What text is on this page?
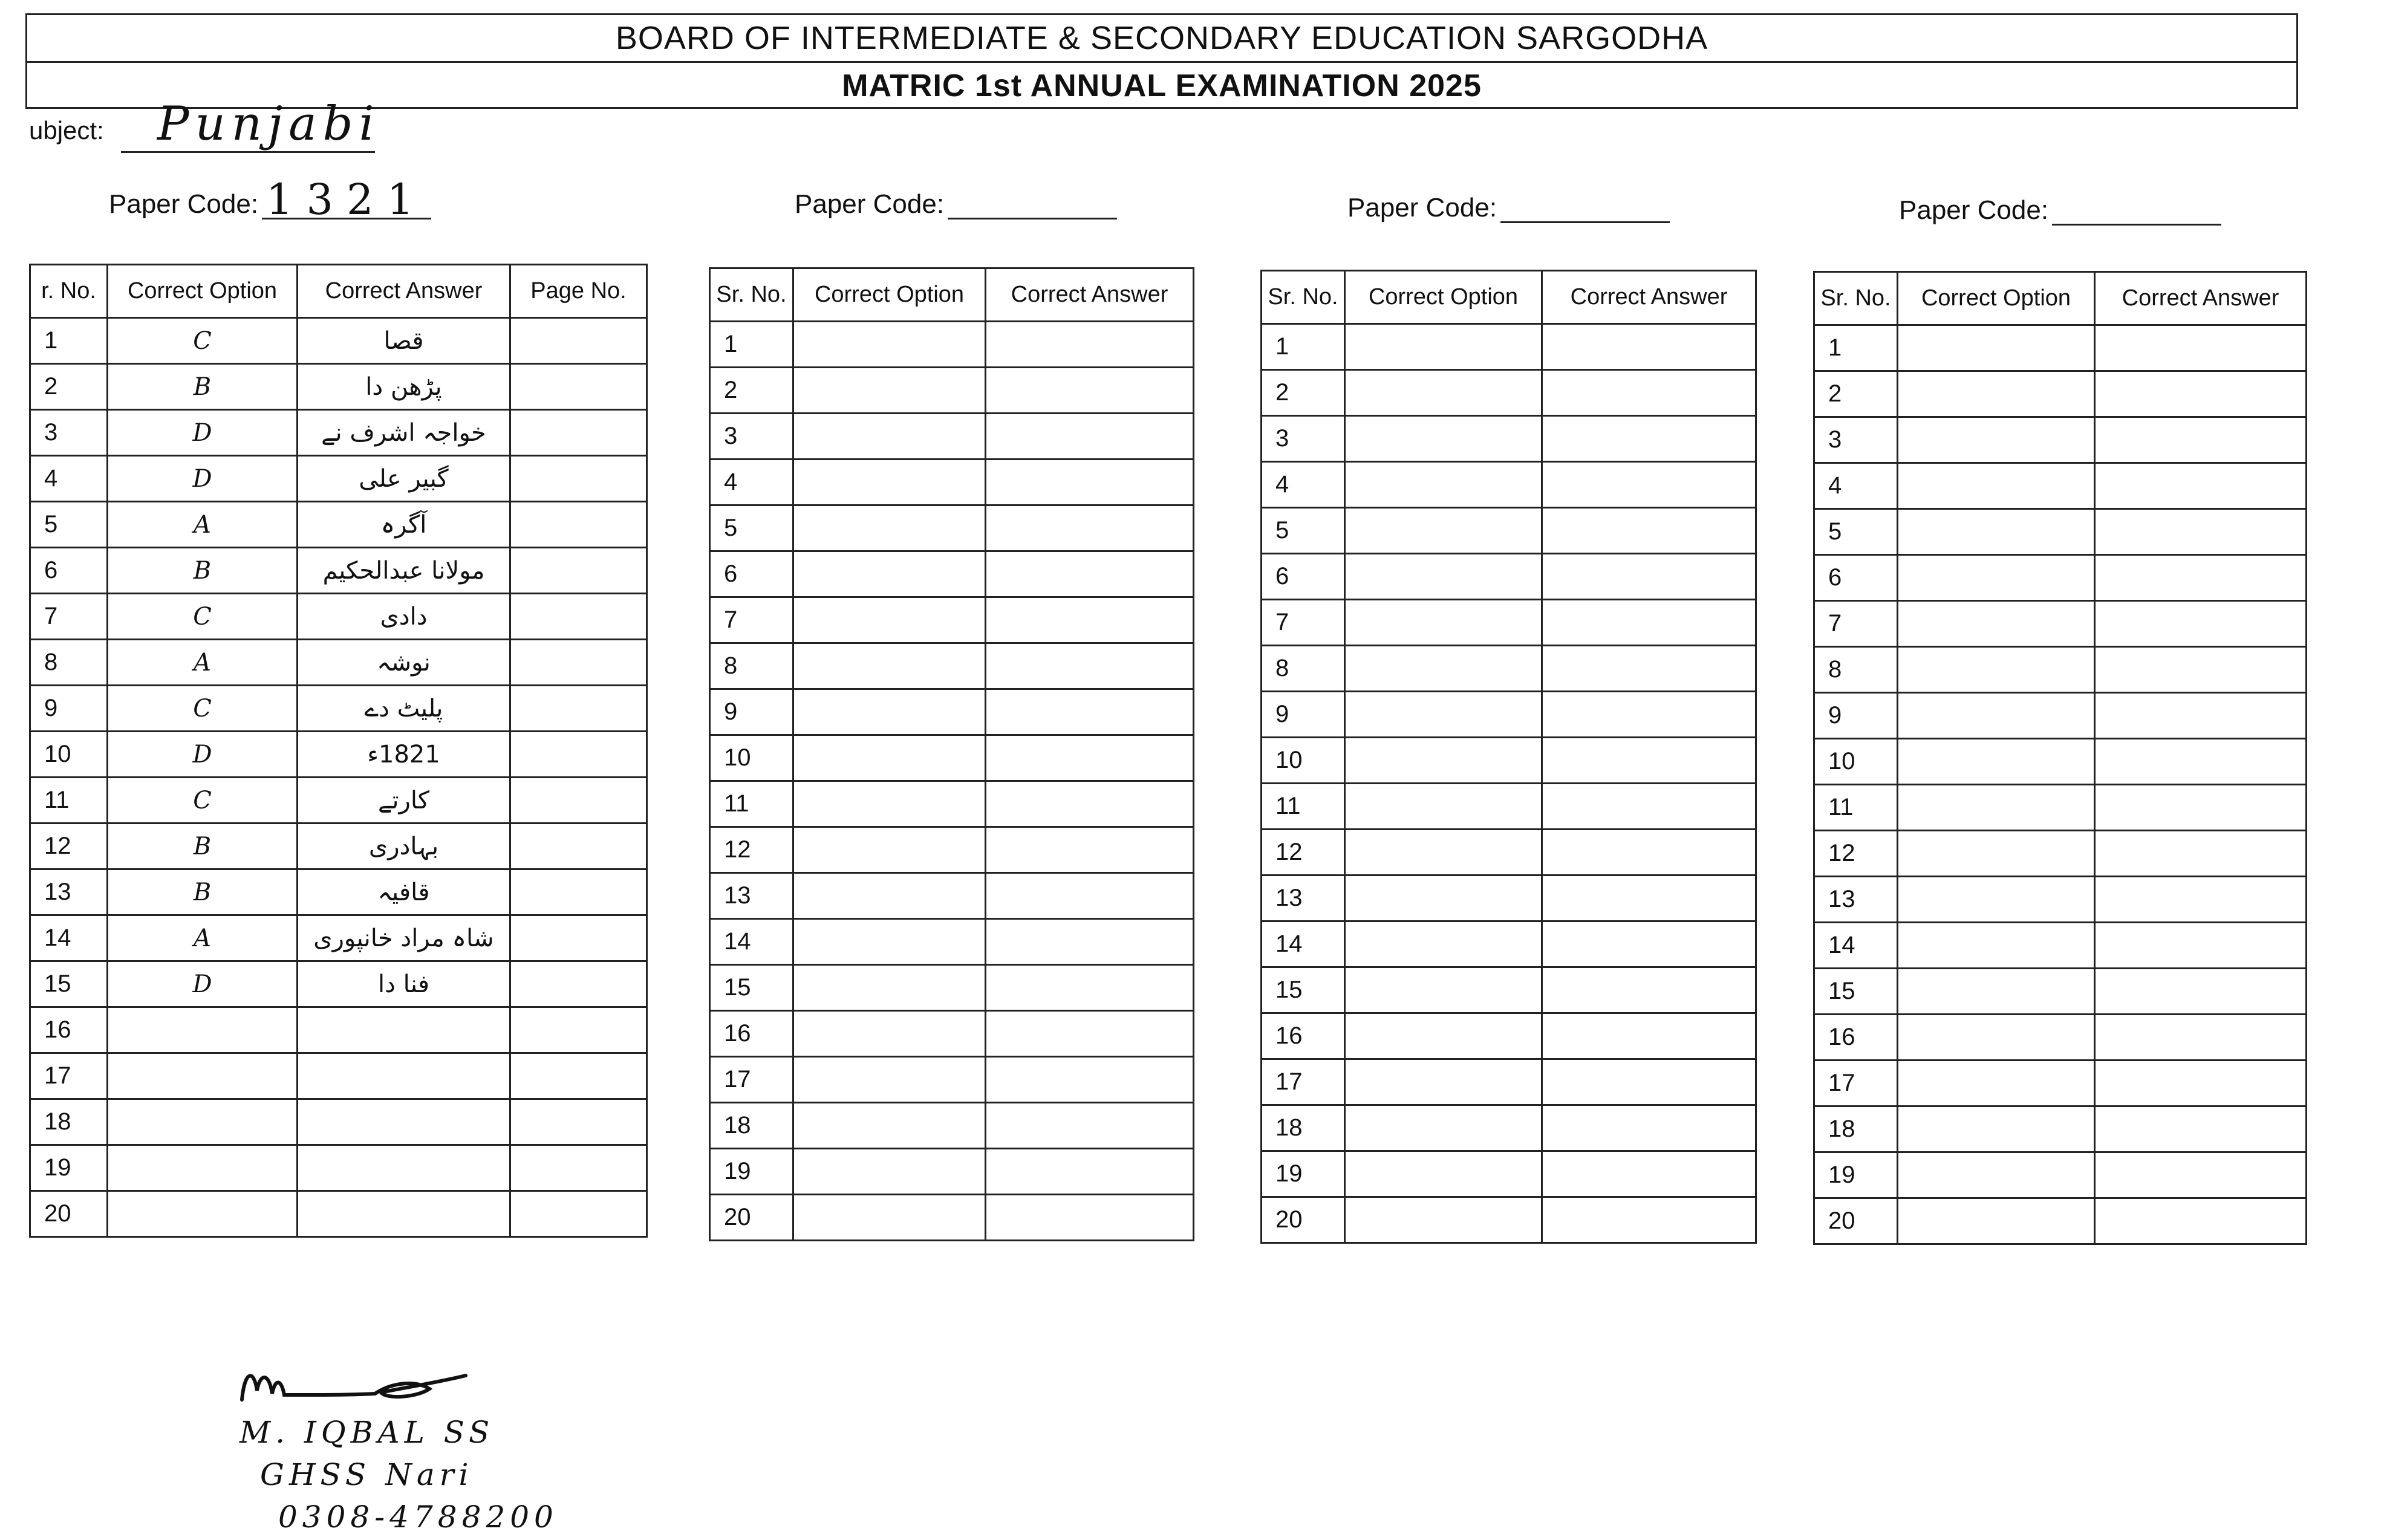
BOARD OF INTERMEDIATE & SECONDARY EDUCATION SARGODHA
MATRIC 1st ANNUAL EXAMINATION 2025
ubject:	Punjabi
Paper Code: 1321	Paper Code:	Paper Code:	Paper Code:
r. No.	Correct Option	Correct Answer	Page No.
1	C	قصا	
2	B	پڑھن دا	
3	D	خواجہ اشرف نے	
4	D	گبیر علی	
5	A	آگرہ	
6	B	مولانا عبدالحکیم	
7	C	دادی	
8	A	نوشہ	
9	C	پلیٹ دے	
10	D	1821ء	
11	C	کارتے	
12	B	بہادری	
13	B	قافیہ	
14	A	شاہ مراد خانپوری	
15	D	فنا دا	
16			
17			
18			
19			
20			
Sr. No.	Correct Option	Correct Answer
1		
2		
3		
4		
5		
6		
7		
8		
9		
10		
11		
12		
13		
14		
15		
16		
17		
18		
19		
20		
Sr. No.	Correct Option	Correct Answer
1		
2		
3		
4		
5		
6		
7		
8		
9		
10		
11		
12		
13		
14		
15		
16		
17		
18		
19		
20		
Sr. No.	Correct Option	Correct Answer
1		
2		
3		
4		
5		
6		
7		
8		
9		
10		
11		
12		
13		
14		
15		
16		
17		
18		
19		
20		
M. IQBAL SS
GHSS Nari
0308-4788200
